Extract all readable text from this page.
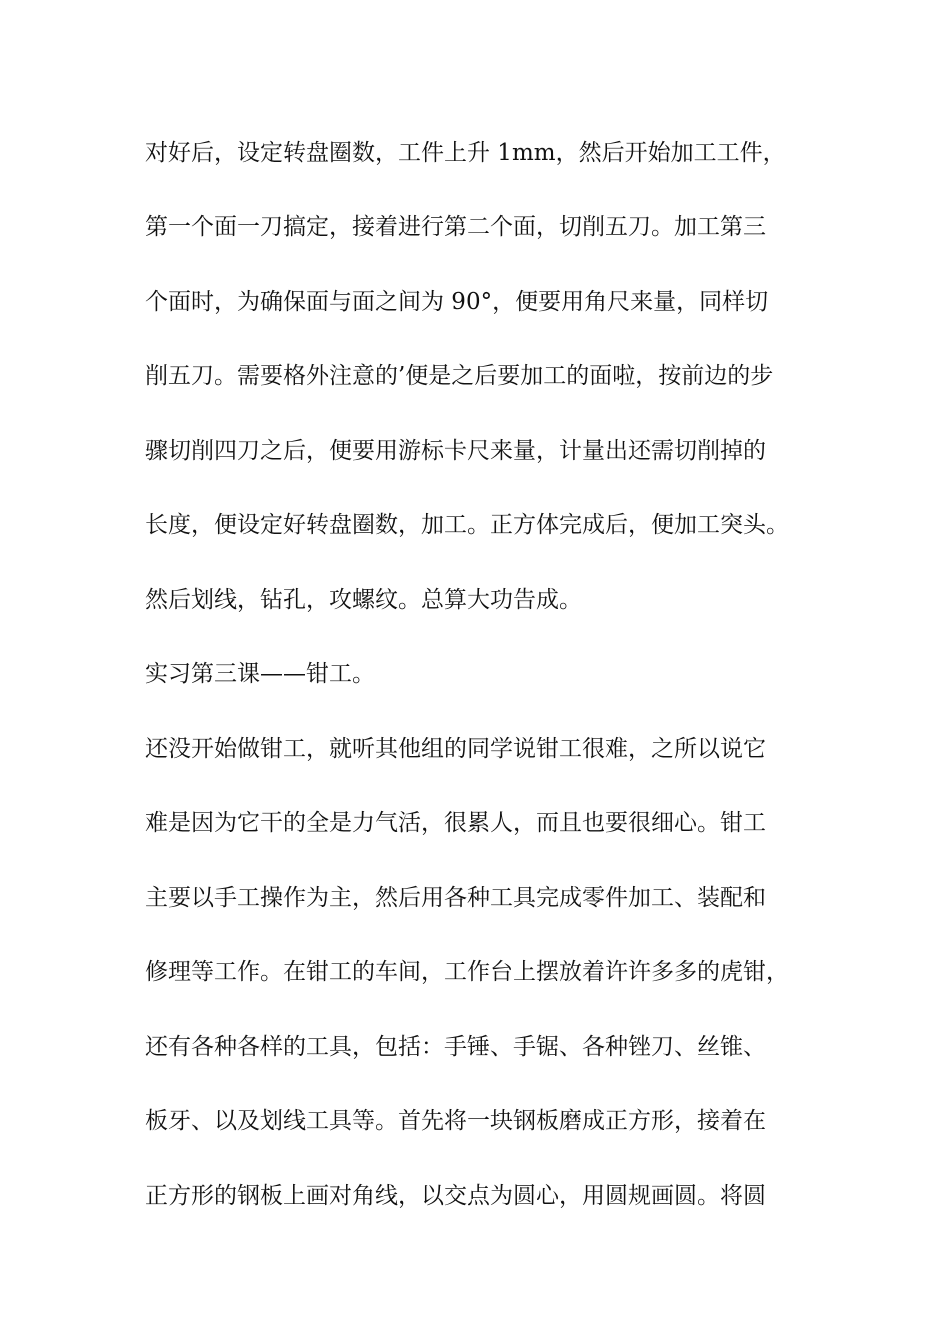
对好后，设定转盘圈数，工件上升 1mm，然后开始加工工件，

第一个面一刀搞定，接着进行第二个面，切削五刀。加工第三

个面时，为确保面与面之间为 90°，便要用角尺来量，同样切

削五刀。需要格外注意的’便是之后要加工的面啦，按前边的步

骤切削四刀之后，便要用游标卡尺来量，计量出还需切削掉的

长度，便设定好转盘圈数，加工。正方体完成后，便加工突头。

然后划线，钻孔，攻螺纹。总算大功告成。

实习第三课——钳工。

还没开始做钳工，就听其他组的同学说钳工很难，之所以说它

难是因为它干的全是力气活，很累人，而且也要很细心。钳工

主要以手工操作为主，然后用各种工具完成零件加工、装配和

修理等工作。在钳工的车间，工作台上摆放着许许多多的虎钳，

还有各种各样的工具，包括：手锤、手锯、各种锉刀、丝锥、

板牙、以及划线工具等。首先将一块钢板磨成正方形，接着在

正方形的钢板上画对角线，以交点为圆心，用圆规画圆。将圆
